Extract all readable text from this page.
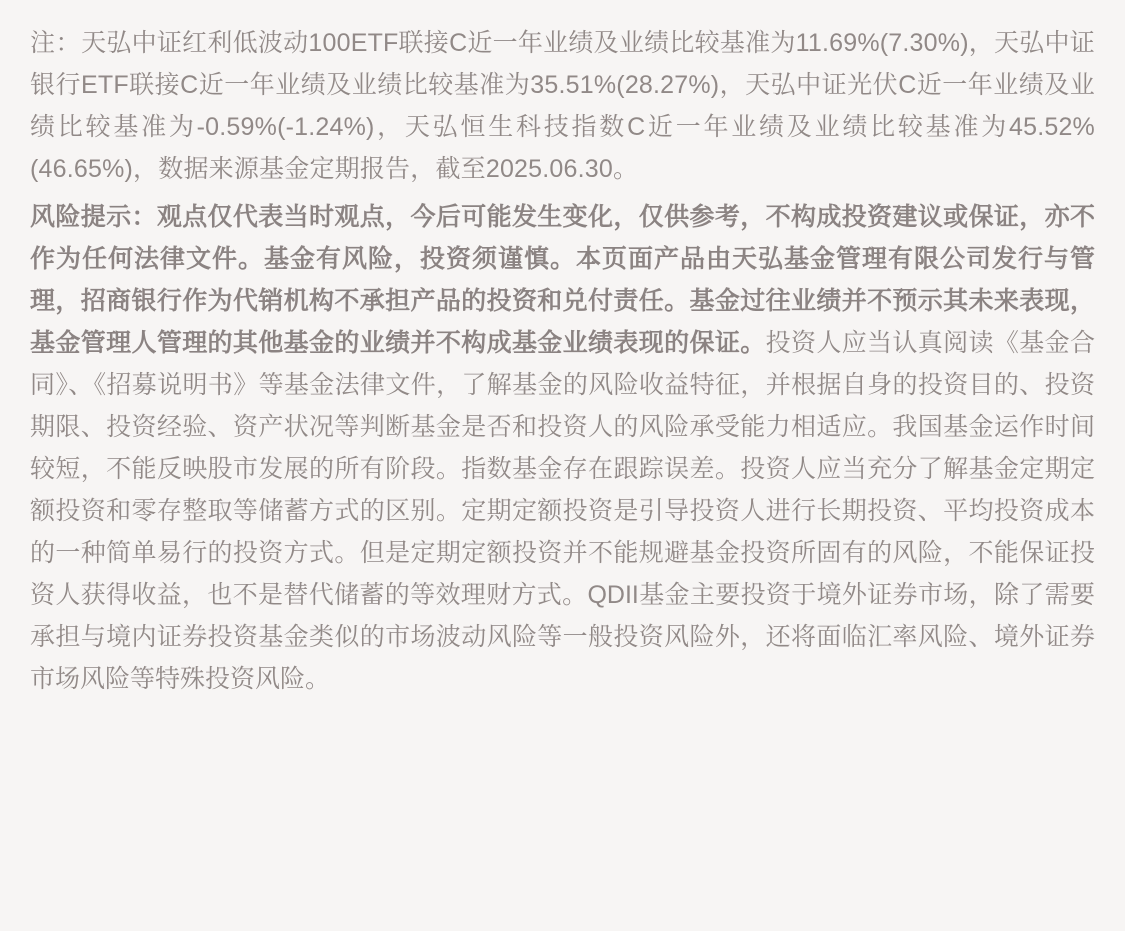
注：天弘中证红利低波动100ETF联接C近一年业绩及业绩比较基准为11.69%(7.30%)，天弘中证银行ETF联接C近一年业绩及业绩比较基准为35.51%(28.27%)，天弘中证光伏C近一年业绩及业绩比较基准为-0.59%(-1.24%)，天弘恒生科技指数C近一年业绩及业绩比较基准为45.52%(46.65%)，数据来源基金定期报告，截至2025.06.30。

风险提示：观点仅代表当时观点，今后可能发生变化，仅供参考，不构成投资建议或保证，亦不作为任何法律文件。基金有风险，投资须谨慎。本页面产品由天弘基金管理有限公司发行与管理，招商银行作为代销机构不承担产品的投资和兑付责任。基金过往业绩并不预示其未来表现，基金管理人管理的其他基金的业绩并不构成基金业绩表现的保证。投资人应当认真阅读《基金合同》、《招募说明书》等基金法律文件，了解基金的风险收益特征，并根据自身的投资目的、投资期限、投资经验、资产状况等判断基金是否和投资人的风险承受能力相适应。我国基金运作时间较短，不能反映股市发展的所有阶段。指数基金存在跟踪误差。投资人应当充分了解基金定期定额投资和零存整取等储蓄方式的区别。定期定额投资是引导投资人进行长期投资、平均投资成本的一种简单易行的投资方式。但是定期定额投资并不能规避基金投资所固有的风险，不能保证投资人获得收益，也不是替代储蓄的等效理财方式。QDII基金主要投资于境外证券市场，除了需要承担与境内证券投资基金类似的市场波动风险等一般投资风险外，还将面临汇率风险、境外证券市场风险等特殊投资风险。
